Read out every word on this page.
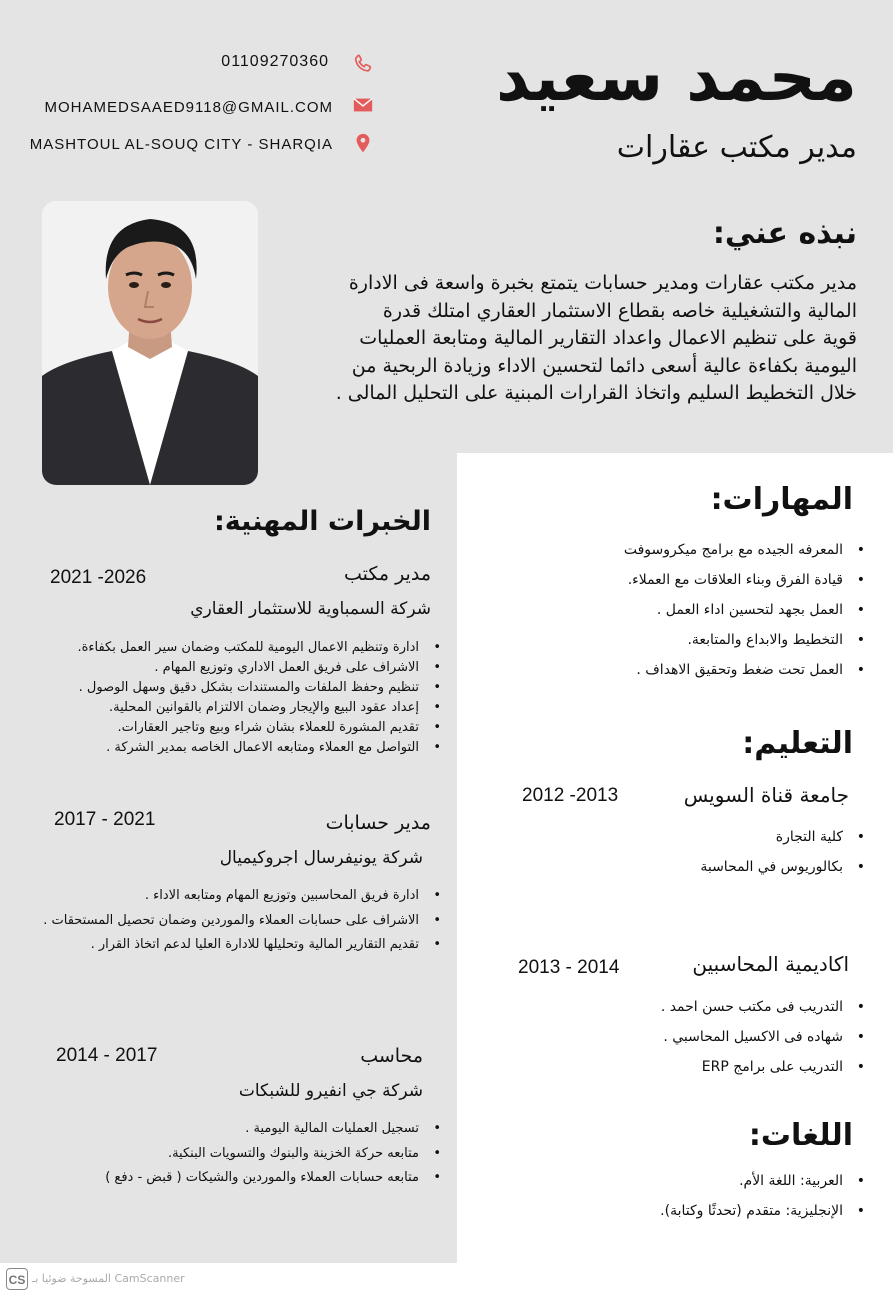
محمد سعيد
مدير مكتب عقارات
01109270360
MOHAMEDSAAED9118@GMAIL.COM
MASHTOUL AL-SOUQ CITY - SHARQIA
نبذه عني:
مدير مكتب عقارات ومدير حسابات يتمتع بخبرة واسعة فى الادارة
المالية والتشغيلية خاصه بقطاع الاستثمار العقاري امتلك قدرة
قوية على تنظيم الاعمال واعداد التقارير المالية ومتابعة العمليات
اليومية بكفاءة عالية أسعى دائما لتحسين الاداء وزيادة الربحية من
خلال التخطيط السليم واتخاذ القرارات المبنية على التحليل المالى .
الخبرات المهنية:
مدير مكتب
2021 -2026
شركة السمباوية للاستثمار العقاري
• ادارة وتنظيم الاعمال اليومية للمكتب وضمان سير العمل بكفاءة.
• الاشراف على فريق العمل الاداري وتوزيع المهام .
• تنظيم وحفظ الملفات والمستندات بشكل دقيق وسهل الوصول .
• إعداد عقود البيع والإيجار وضمان الالتزام بالقوانين المحلية.
• تقديم المشورة للعملاء بشان شراء وبيع وتاجير العقارات.
• التواصل مع العملاء ومتابعه الاعمال الخاصه بمدير الشركة .
مدير حسابات
2017 - 2021
شركة يونيفرسال اجروكيميال
• ادارة فريق المحاسبين وتوزيع المهام ومتابعه الاداء .
• الاشراف على حسابات العملاء والموردين وضمان تحصيل المستحقات .
• تقديم التقارير المالية وتحليلها للادارة العليا لدعم اتخاذ القرار .
محاسب
2014 - 2017
شركة جي انفيرو للشبكات
• تسجيل العمليات المالية اليومية .
• متابعه حركة الخزينة والبنوك والتسويات البنكية.
• متابعه حسابات العملاء والموردين والشيكات ( قبض - دفع )
المهارات:
• المعرفه الجيده مع برامج ميكروسوفت
• قيادة الفرق وبناء العلاقات مع العملاء.
• العمل بجهد لتحسين اداء العمل .
• التخطيط والابداع والمتابعة.
• العمل تحت ضغط وتحقيق الاهداف .
التعليم:
جامعة قناة السويس
2012 -2013
• كلية التجارة
• بكالوريوس في المحاسبة
اكاديمية المحاسبين
2013 - 2014
• التدريب فى مكتب حسن احمد .
• شهاده فى الاكسيل المحاسبي .
• التدريب على برامج ERP
اللغات:
• العربية: اللغة الأم.
• الإنجليزية: متقدم (تحدثًا وكتابة).
CS المسوحة ضوئيا بـ CamScanner
